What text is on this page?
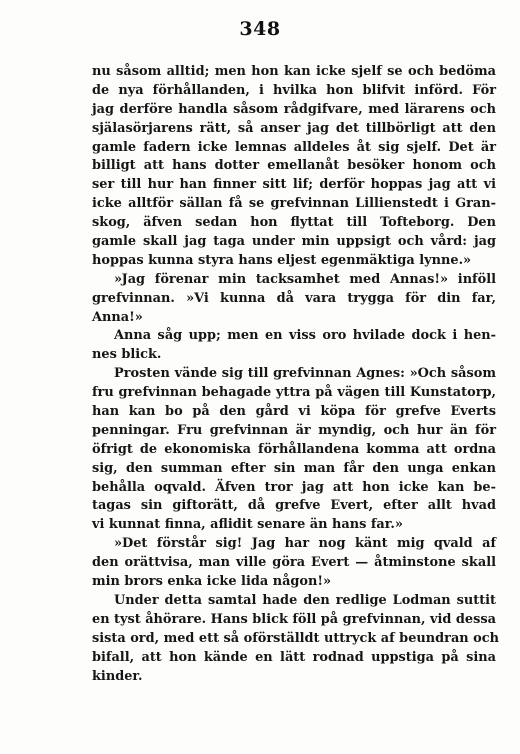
348
nu såsom alltid; men hon kan icke sjelf se och bedöma
de nya förhållanden, i hvilka hon blifvit införd. För
jag derföre handla såsom rådgifvare, med lärarens och
själasörjarens rätt, så anser jag det tillbörligt att den
gamle fadern icke lemnas alldeles åt sig sjelf. Det är
billigt att hans dotter emellanåt besöker honom och
ser till hur han finner sitt lif; derför hoppas jag att vi
icke alltför sällan få se grefvinnan Lillienstedt i Gran-
skog, äfven sedan hon flyttat till Tofteborg. Den
gamle skall jag taga under min uppsigt och vård: jag
hoppas kunna styra hans eljest egenmäktiga lynne.»
»Jag förenar min tacksamhet med Annas!» inföll
grefvinnan. »Vi kunna då vara trygga för din far,
Anna!»
Anna såg upp; men en viss oro hvilade dock i hen-
nes blick.
Prosten vände sig till grefvinnan Agnes: »Och såsom
fru grefvinnan behagade yttra på vägen till Kunstatorp,
han kan bo på den gård vi köpa för grefve Everts
penningar. Fru grefvinnan är myndig, och hur än för
öfrigt de ekonomiska förhållandena komma att ordna
sig, den summan efter sin man får den unga enkan
behålla oqvald. Äfven tror jag att hon icke kan be-
tagas sin giftorätt, då grefve Evert, efter allt hvad
vi kunnat finna, aflidit senare än hans far.»
»Det förstår sig! Jag har nog känt mig qvald af
den orättvisa, man ville göra Evert — åtminstone skall
min brors enka icke lida någon!»
Under detta samtal hade den redlige Lodman suttit
en tyst åhörare. Hans blick föll på grefvinnan, vid dessa
sista ord, med ett så oförställdt uttryck af beundran och
bifall, att hon kände en lätt rodnad uppstiga på sina
kinder.
